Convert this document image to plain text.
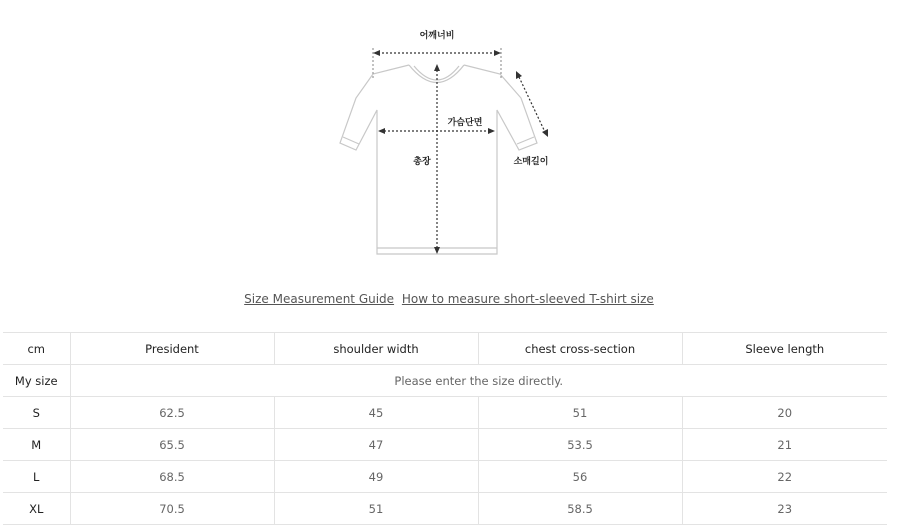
어깨너비
가슴단면
총장	소매길이
Size Measurement Guide How to measure short-sleeved T-shirt size
cm	President	shoulder width	chest cross-section	Sleeve length
My size	Please enter the size directly.			
S	62.5	45	51	20
M	65.5	47	53.5	21
L	68.5	49	56	22
XL	70.5	51	58.5	23
